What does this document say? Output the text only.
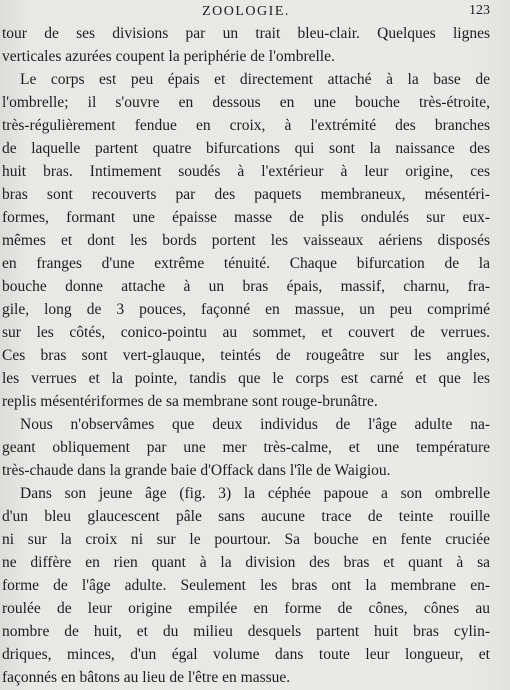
ZOOLOGIE.	123
tour de ses divisions par un trait bleu-clair. Quelques lignes
verticales azurées coupent la periphérie de l'ombrelle.
Le corps est peu épais et directement attaché à la base de
l'ombrelle; il s'ouvre en dessous en une bouche très-étroite,
très-régulièrement fendue en croix, à l'extrémité des branches
de laquelle partent quatre bifurcations qui sont la naissance des
huit bras. Intimement soudés à l'extérieur à leur origine, ces
bras sont recouverts par des paquets membraneux, mésentéri-
formes, formant une épaisse masse de plis ondulés sur eux-
mêmes et dont les bords portent les vaisseaux aériens disposés
en franges d'une extrême ténuité. Chaque bifurcation de la
bouche donne attache à un bras épais, massif, charnu, fra-
gile, long de 3 pouces, façonné en massue, un peu comprimé
sur les côtés, conico-pointu au sommet, et couvert de verrues.
Ces bras sont vert-glauque, teintés de rougeâtre sur les angles,
les verrues et la pointe, tandis que le corps est carné et que les
replis mésentériformes de sa membrane sont rouge-brunâtre.
Nous n'observâmes que deux individus de l'âge adulte na-
geant obliquement par une mer très-calme, et une température
très-chaude dans la grande baie d'Offack dans l'île de Waigiou.
Dans son jeune âge (fig. 3) la céphée papoue a son ombrelle
d'un bleu glaucescent pâle sans aucune trace de teinte rouille
ni sur la croix ni sur le pourtour. Sa bouche en fente cruciée
ne diffère en rien quant à la division des bras et quant à sa
forme de l'âge adulte. Seulement les bras ont la membrane en-
roulée de leur origine empilée en forme de cônes, cônes au
nombre de huit, et du milieu desquels partent huit bras cylin-
driques, minces, d'un égal volume dans toute leur longueur, et
façonnés en bâtons au lieu de l'être en massue.
